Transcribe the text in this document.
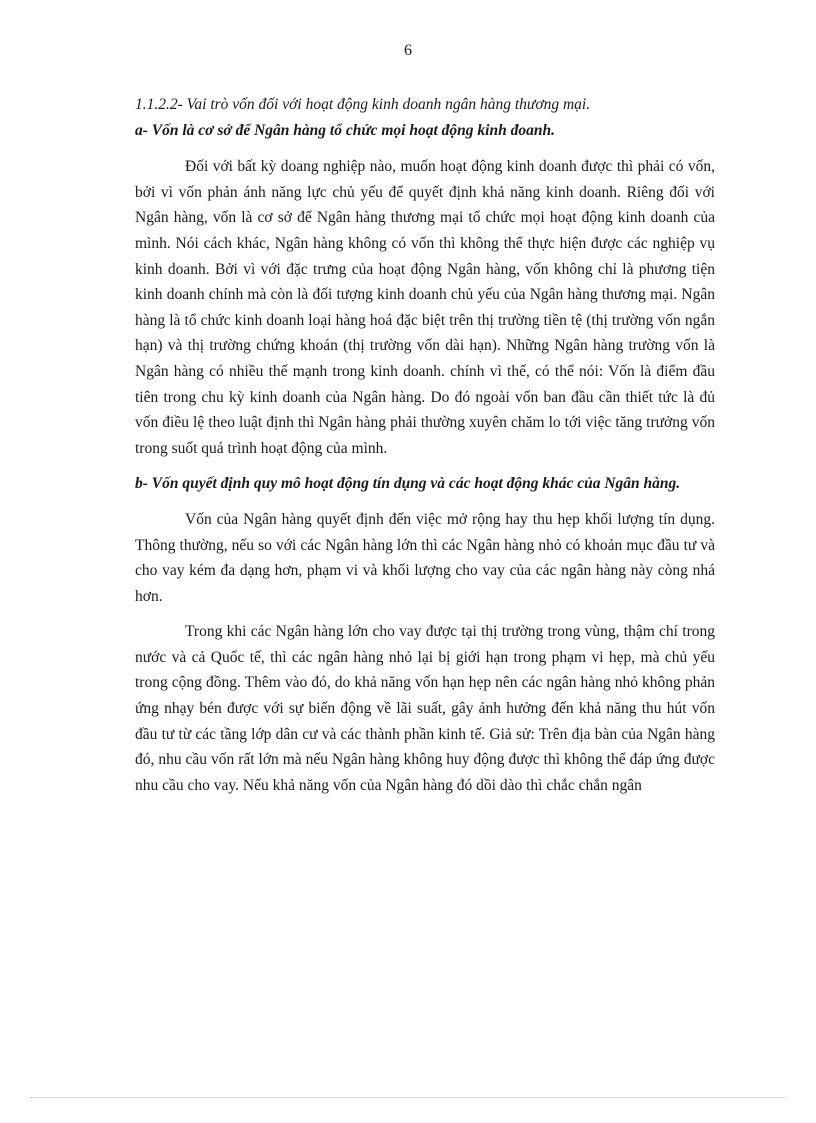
6

1.1.2.2- Vai trò vốn đối với hoạt động kinh doanh ngân hàng thương mại.

a- Vốn là cơ sở để Ngân hàng tổ chức mọi hoạt động kinh đoanh.

Đối với bất kỳ doang nghiệp nào, muốn hoạt động kinh doanh được thì phải có vốn, bởi vì vốn phản ánh năng lực chủ yếu để quyết định khả năng kinh doanh. Riêng đối với Ngân hàng, vốn là cơ sở để Ngân hàng thương mại tổ chức mọi hoạt động kinh doanh của mình. Nói cách khác, Ngân hàng không có vốn thì không thể thực hiện được các nghiệp vụ kinh doanh. Bởi vì với đặc trưng của hoạt động Ngân hàng, vốn không chỉ là phương tiện kinh doanh chính mà còn là đối tượng kinh doanh chủ yếu của Ngân hàng thương mại. Ngân hàng là tổ chức kinh doanh loại hàng hoá đặc biệt trên thị trường tiền tệ (thị trường vốn ngắn hạn) và thị trường chứng khoán (thị trường vốn dài hạn). Những Ngân hàng trường vốn là Ngân hàng có nhiều thế mạnh trong kinh doanh. chính vì thế, có thể nói: Vốn là điểm đầu tiên trong chu kỳ kinh doanh của Ngân hàng. Do đó ngoài vốn ban đầu cần thiết tức là đủ vốn điều lệ theo luật định thì Ngân hàng phải thường xuyên chăm lo tới việc tăng trưởng vốn trong suốt quá trình hoạt động của mình.

b- Vốn quyết định quy mô hoạt động tín dụng và các hoạt động khác của Ngân hàng.

Vốn của Ngân hàng quyết định đến việc mở rộng hay thu hẹp khối lượng tín dụng. Thông thường, nếu so với các Ngân hàng lớn thì các Ngân hàng nhỏ có khoản mục đầu tư và cho vay kém đa dạng hơn, phạm vi và khối lượng cho vay của các ngân hàng này còng nhá hơn.

Trong khi các Ngân hàng lớn cho vay được tại thị trường trong vùng, thậm chí trong nước và cả Quốc tế, thì các ngân hàng nhỏ lại bị giới hạn trong phạm vi hẹp, mà chủ yếu trong cộng đồng. Thêm vào đó, do khả năng vốn hạn hẹp nên các ngân hàng nhỏ không phản ứng nhạy bén được với sự biến động về lãi suất, gây ảnh hưởng đến khả năng thu hút vốn đầu tư từ các tầng lớp dân cư và các thành phần kinh tế. Giả sử: Trên địa bàn của Ngân hàng đó, nhu cầu vốn rất lớn mà nếu Ngân hàng không huy động được thì không thể đáp ứng được nhu cầu cho vay. Nếu khả năng vốn của Ngân hàng đó dồi dào thì chắc chắn ngân
